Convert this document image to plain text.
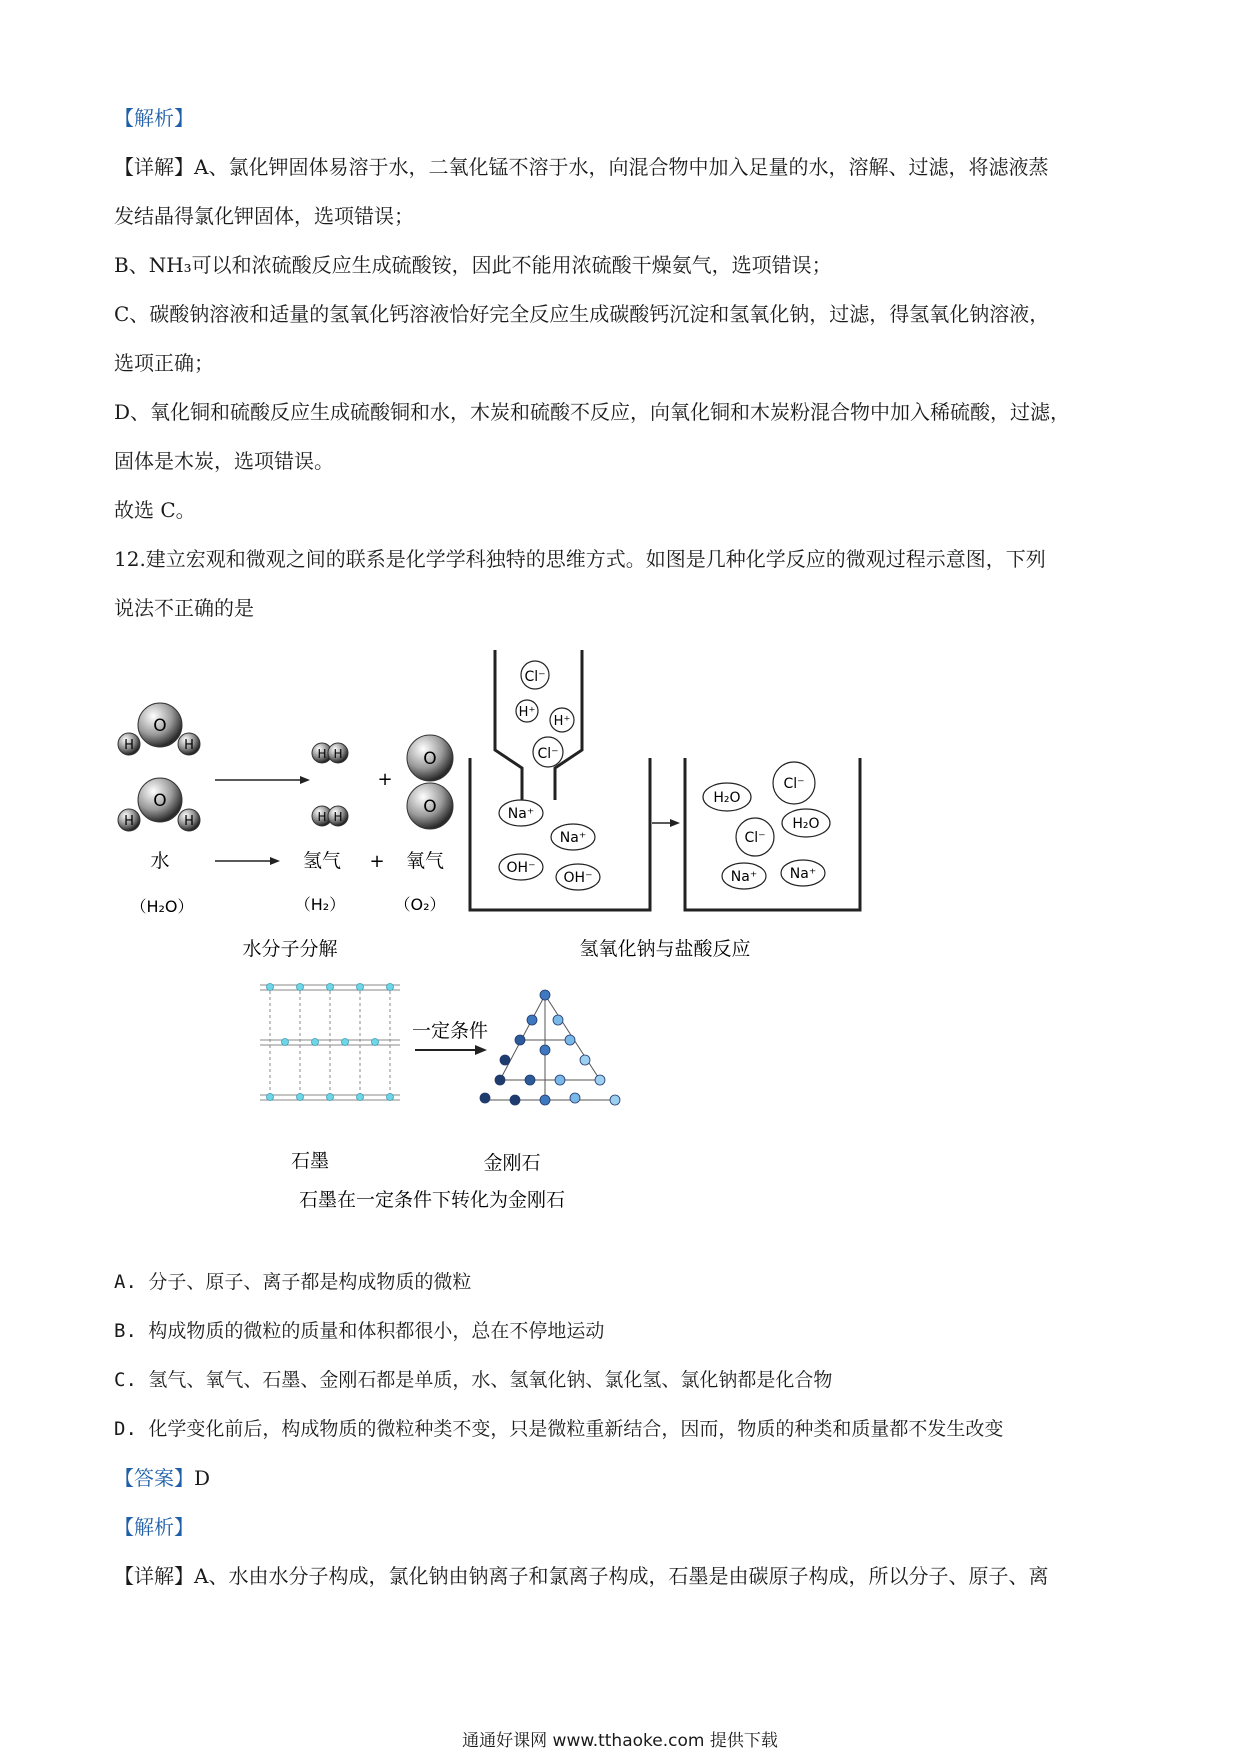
【解析】
【详解】A、氯化钾固体易溶于水，二氧化锰不溶于水，向混合物中加入足量的水，溶解、过滤，将滤液蒸
发结晶得氯化钾固体，选项错误；
B、NH₃可以和浓硫酸反应生成硫酸铵，因此不能用浓硫酸干燥氨气，选项错误；
C、碳酸钠溶液和适量的氢氧化钙溶液恰好完全反应生成碳酸钙沉淀和氢氧化钠，过滤，得氢氧化钠溶液，
选项正确；
D、氧化铜和硫酸反应生成硫酸铜和水，木炭和硫酸不反应，向氧化铜和木炭粉混合物中加入稀硫酸，过滤，
固体是木炭，选项错误。
故选 C。
12.建立宏观和微观之间的联系是化学学科独特的思维方式。如图是几种化学反应的微观过程示意图，下列
说法不正确的是
O
H	H
O
H	H
H H
H H
+
O
O
水	氢气 + 氧气
（H₂O）	（H₂）	（O₂）
水分子分解
Cl⁻
H⁺
H⁺
Cl⁻
Na⁺
Na⁺
OH⁻
OH⁻
H₂O
Cl⁻
H₂O
Cl⁻
Na⁺ Na⁺
氢氧化钠与盐酸反应
一定条件
石墨	金刚石
石墨在一定条件下转化为金刚石
A. 分子、原子、离子都是构成物质的微粒
B. 构成物质的微粒的质量和体积都很小，总在不停地运动
C. 氢气、氧气、石墨、金刚石都是单质，水、氢氧化钠、氯化氢、氯化钠都是化合物
D. 化学变化前后，构成物质的微粒种类不变，只是微粒重新结合，因而，物质的种类和质量都不发生改变
【答案】D
【解析】
【详解】A、水由水分子构成，氯化钠由钠离子和氯离子构成，石墨是由碳原子构成，所以分子、原子、离
通通好课网 www.tthaoke.com 提供下载
